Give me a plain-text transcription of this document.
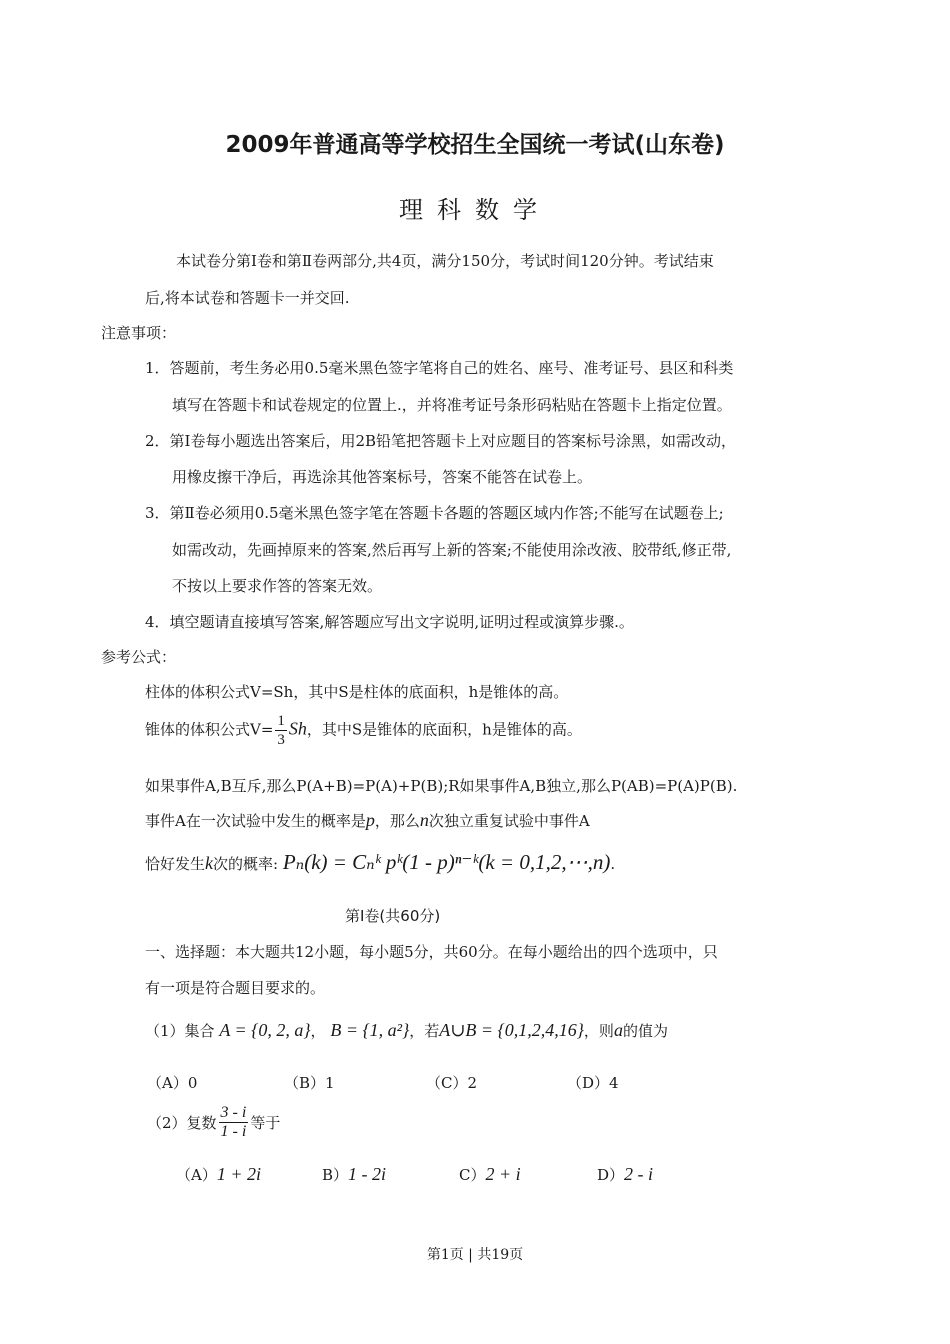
2009年普通高等学校招生全国统一考试(山东卷)
理科数学
本试卷分第Ⅰ卷和第Ⅱ卷两部分,共4页，满分150分，考试时间120分钟。考试结束
后,将本试卷和答题卡一并交回.
注意事项：
1．答题前，考生务必用0.5毫米黑色签字笔将自己的姓名、座号、准考证号、县区和科类
填写在答题卡和试卷规定的位置上.，并将准考证号条形码粘贴在答题卡上指定位置。
2．第Ⅰ卷每小题选出答案后，用2B铅笔把答题卡上对应题目的答案标号涂黑，如需改动，
用橡皮擦干净后，再选涂其他答案标号，答案不能答在试卷上。
3．第Ⅱ卷必须用0.5毫米黑色签字笔在答题卡各题的答题区域内作答;不能写在试题卷上;
如需改动，先画掉原来的答案,然后再写上新的答案;不能使用涂改液、胶带纸,修正带,
不按以上要求作答的答案无效。
4．填空题请直接填写答案,解答题应写出文字说明,证明过程或演算步骤.。
参考公式：
柱体的体积公式V=Sh，其中S是柱体的底面积，h是锥体的高。
锥体的体积公式$V= \frac{1}{3}$ Sh，其中S是锥体的底面积，h是锥体的高。
如果事件A,B互斥,那么P(A+B)=P(A)+P(B);R如果事件A,B独立,那么P(AB)=P(A)P(B).
事件A在一次试验中发生的概率是p，那么n次独立重复试验中事件A
恰好发生k次的概率: Pₙ(k) = Cₙᵏ pᵏ(1 - p)ⁿ⁻ᵏ(k = 0,1,2,⋯,n).
第Ⅰ卷(共60分)
一、选择题：本大题共12小题，每小题5分，共60分。在每小题给出的四个选项中，只
有一项是符合题目要求的。
（1）集合 A = {0, 2, a}， B = {1, a²}，若A∪B = {0,1,2,4,16}，则a的值为
（A）0	（B）1	（C）2	（D）4
（2）复数 $\frac{3 - i}{1 - i}$ 等于
（A）1 + 2i	B）1 - 2i	C）2 + i	D）2 - i
第1页 | 共19页
